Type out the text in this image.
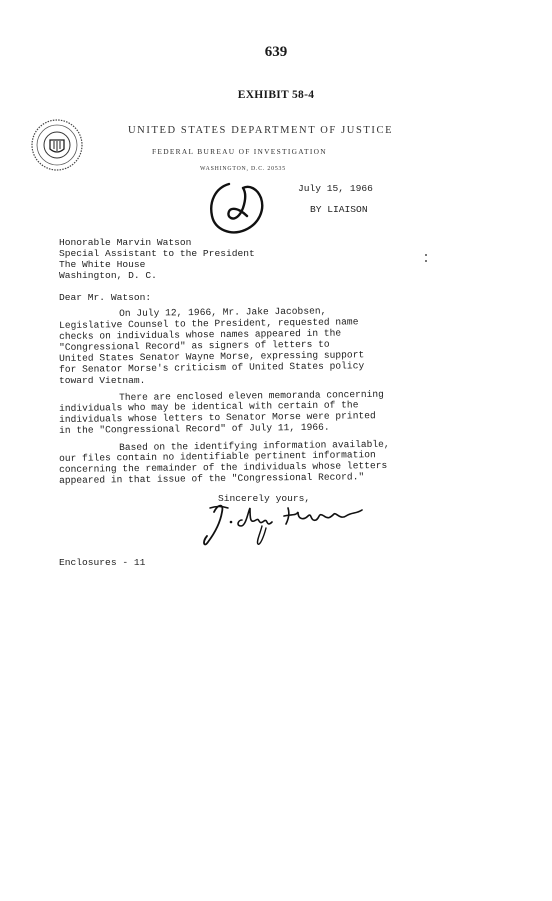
639
EXHIBIT 58-4
UNITED STATES DEPARTMENT OF JUSTICE
FEDERAL BUREAU OF INVESTIGATION
WASHINGTON, D.C. 20535
July 15, 1966
BY LIAISON
Honorable Marvin Watson
Special Assistant to the President
The White House
Washington, D. C.
Dear Mr. Watson:
On July 12, 1966, Mr. Jake Jacobsen,
Legislative Counsel to the President, requested name
checks on individuals whose names appeared in the
"Congressional Record" as signers of letters to
United States Senator Wayne Morse, expressing support
for Senator Morse's criticism of United States policy
toward Vietnam.
There are enclosed eleven memoranda concerning
individuals who may be identical with certain of the
individuals whose letters to Senator Morse were printed
in the "Congressional Record" of July 11, 1966.
Based on the identifying information available,
our files contain no identifiable pertinent information
concerning the remainder of the individuals whose letters
appeared in that issue of the "Congressional Record."
Sincerely yours,
Enclosures - 11
